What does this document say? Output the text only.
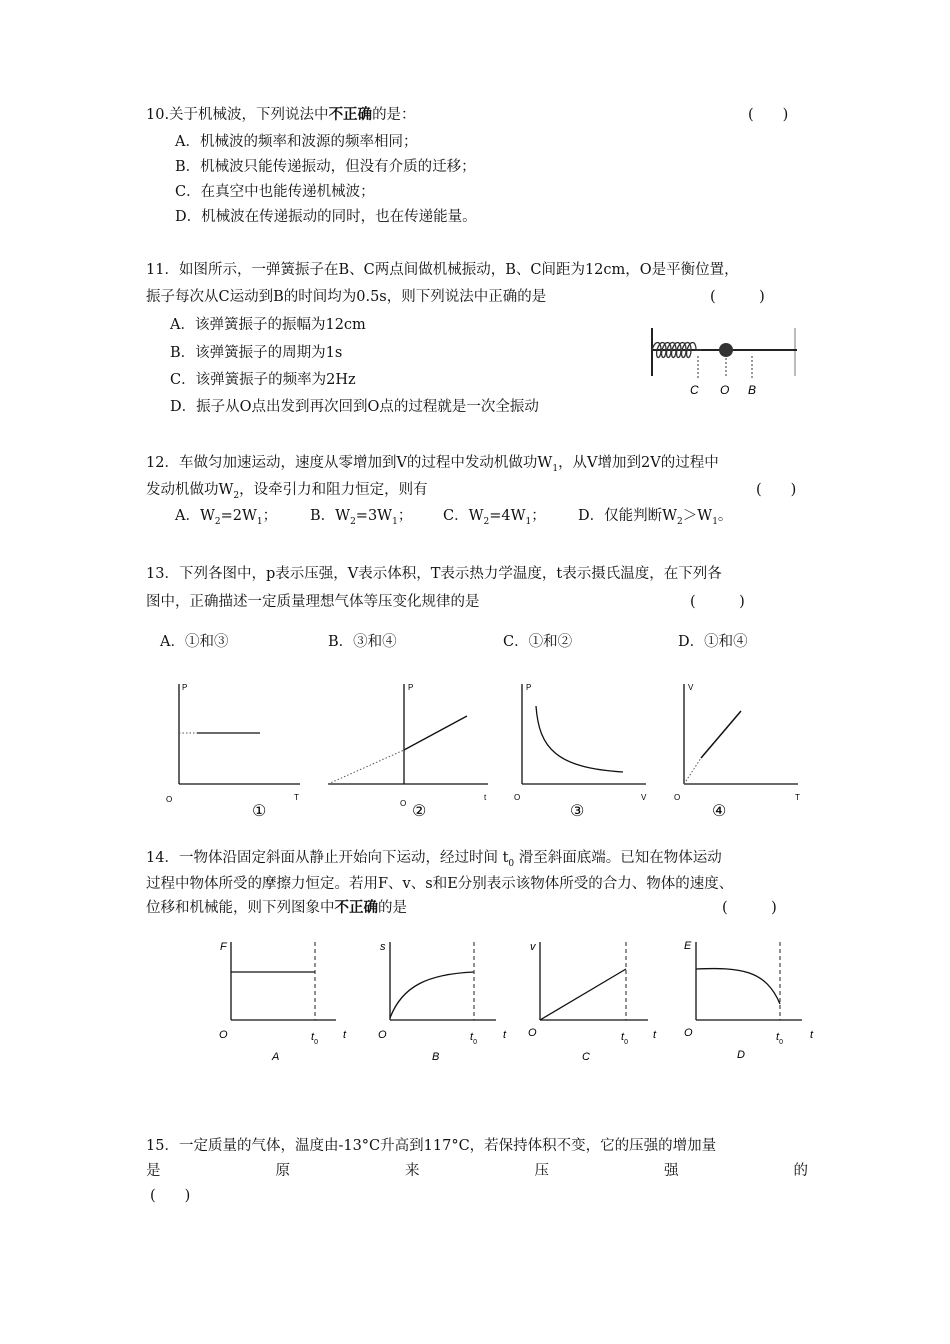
10.关于机械波，下列说法中不正确的是：	(　　)
A．机械波的频率和波源的频率相同；
B．机械波只能传递振动，但没有介质的迁移；
C．在真空中也能传递机械波；
D．机械波在传递振动的同时，也在传递能量。
11．如图所示，一弹簧振子在B、C两点间做机械振动，B、C间距为12cm，O是平衡位置，
振子每次从C运动到B的时间均为0.5s，则下列说法中正确的是	(　　　)
A．该弹簧振子的振幅为12cm
B．该弹簧振子的周期为1s
C．该弹簧振子的频率为2Hz
D．振子从O点出发到再次回到O点的过程就是一次全振动
C O B
12．车做匀加速运动，速度从零增加到V的过程中发动机做功$W_1$，从V增加到2V的过程中
发动机做功$W_2$，设牵引力和阻力恒定，则有	(　　)
A．$W_2=2W_1$； B．$W_2=3W_1$； C．$W_2=4W_1$； D．仅能判断$W_2>W_1$。
13．下列各图中，p表示压强，V表示体积，T表示热力学温度，t表示摄氏温度，在下列各
图中，正确描述一定质量理想气体等压变化规律的是	(　　　)
A．①和③	B．③和④	C．①和②	D．①和④
P
T
O
①
P
t
O ②
P
V
O
③
V
T
O
④
14．一物体沿固定斜面从静止开始向下运动，经过时间 $t_0$ 滑至斜面底端。已知在物体运动
过程中物体所受的摩擦力恒定。若用F、v、s和E分别表示该物体所受的合力、物体的速度、
位移和机械能，则下列图象中不正确的是	(　　　)
F
t
O	$t_0$
A
s
t
O	$t_0$
B
v
t
O	$t_0$
C
E
t
O	$t_0$
D
15．一定质量的气体，温度由-13°C升高到117°C，若保持体积不变，它的压强的增加量
是	原	来	压	强	的
(　　)
